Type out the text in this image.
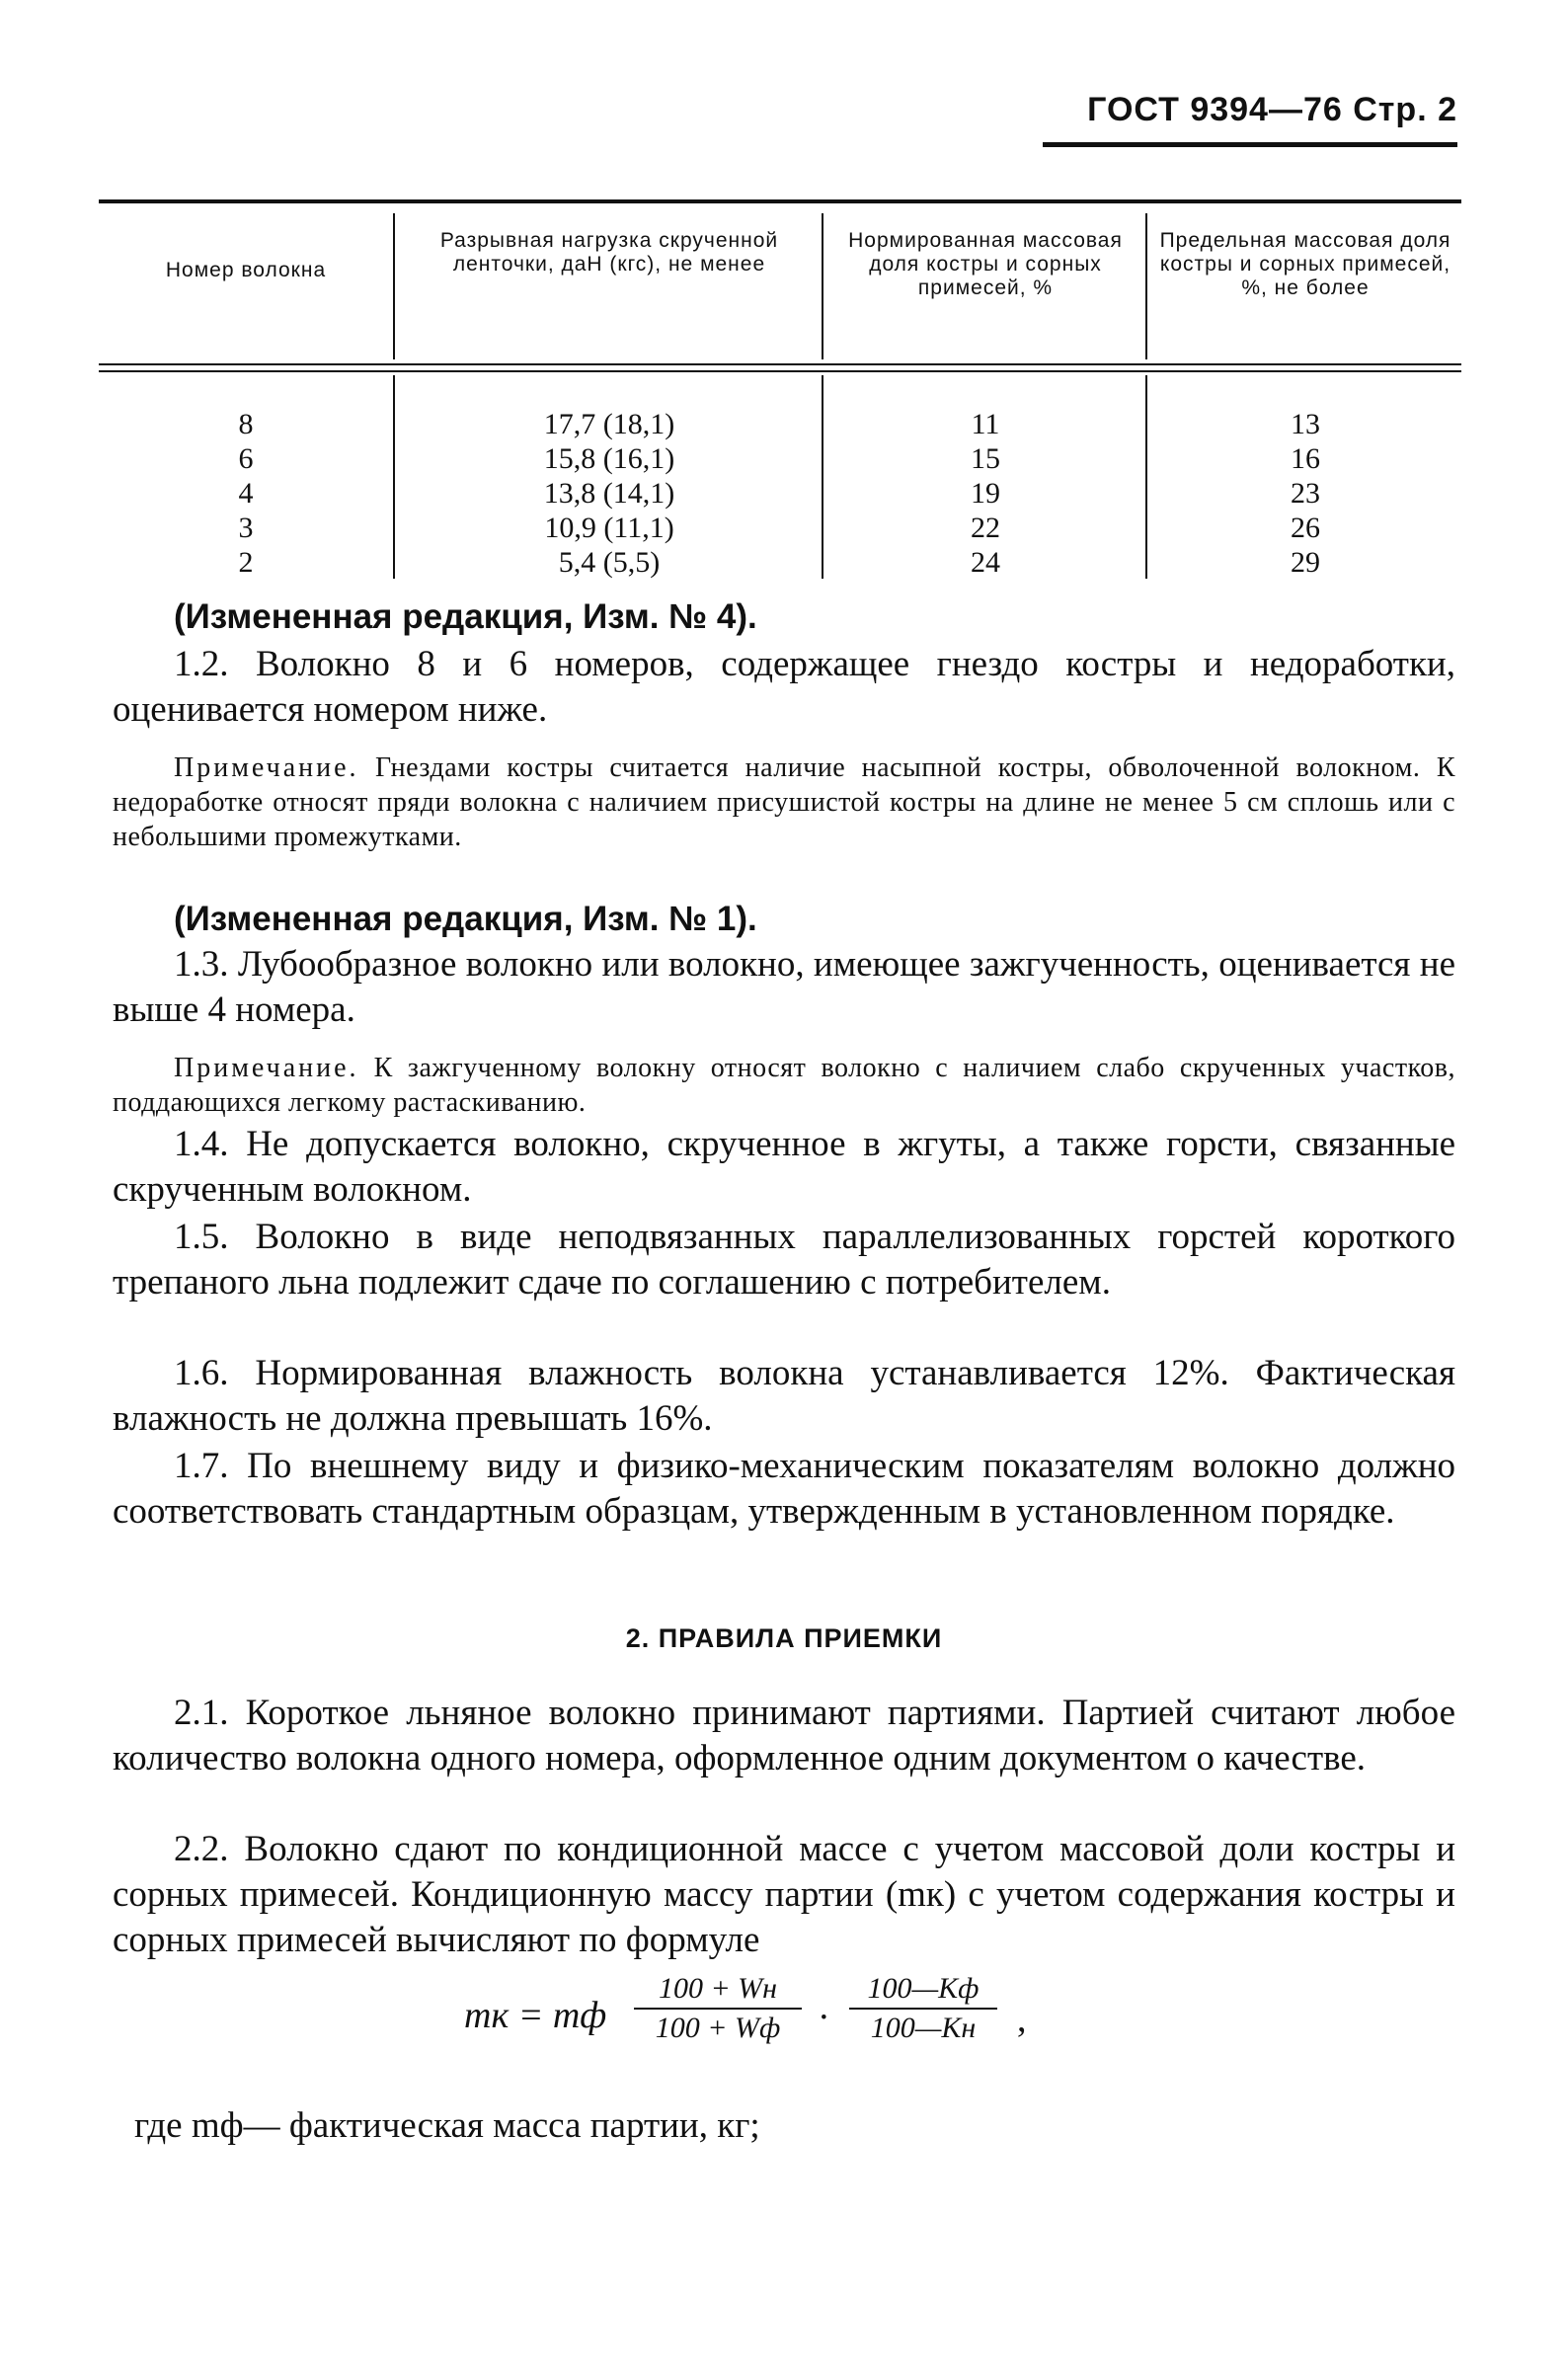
ГОСТ 9394—76 Стр. 2
Номер волокна
Разрывная нагрузка скрученной ленточки, даН (кгс), не менее
Нормированная массовая доля костры и сорных примесей, %
Предельная массовая доля костры и сорных примесей, %, не более
8
6
4
3
2
17,7 (18,1)
15,8 (16,1)
13,8 (14,1)
10,9 (11,1)
5,4 (5,5)
11
15
19
22
24
13
16
23
26
29

(Измененная редакция, Изм. № 4).

1.2. Волокно 8 и 6 номеров, содержащее гнездо костры и недоработки, оценивается номером ниже.

Примечание. Гнездами костры считается наличие насыпной костры, обволоченной волокном. К недоработке относят пряди волокна с наличием присушистой костры на длине не менее 5 см сплошь или с небольшими промежутками.

(Измененная редакция, Изм. № 1).

1.3. Лубообразное волокно или волокно, имеющее зажгученность, оценивается не выше 4 номера.

Примечание. К зажгученному волокну относят волокно с наличием слабо скрученных участков, поддающихся легкому растаскиванию.

1.4. Не допускается волокно, скрученное в жгуты, а также горсти, связанные скрученным волокном.

1.5. Волокно в виде неподвязанных параллелизованных горстей короткого трепаного льна подлежит сдаче по соглашению с потребителем.

1.6. Нормированная влажность волокна устанавливается 12%. Фактическая влажность не должна превышать 16%.

1.7. По внешнему виду и физико-механическим показателям волокно должно соответствовать стандартным образцам, утвержденным в установленном порядке.

2. ПРАВИЛА ПРИЕМКИ

2.1. Короткое льняное волокно принимают партиями. Партией считают любое количество волокна одного номера, оформленное одним документом о качестве.

2.2. Волокно сдают по кондиционной массе с учетом массовой доли костры и сорных примесей. Кондиционную массу партии (mк) с учетом содержания костры и сорных примесей вычисляют по формуле

mк = mф
100 + Wн
100 + Wф ·
100—Kф
100—Kн	,

где mф— фактическая масса партии, кг;
